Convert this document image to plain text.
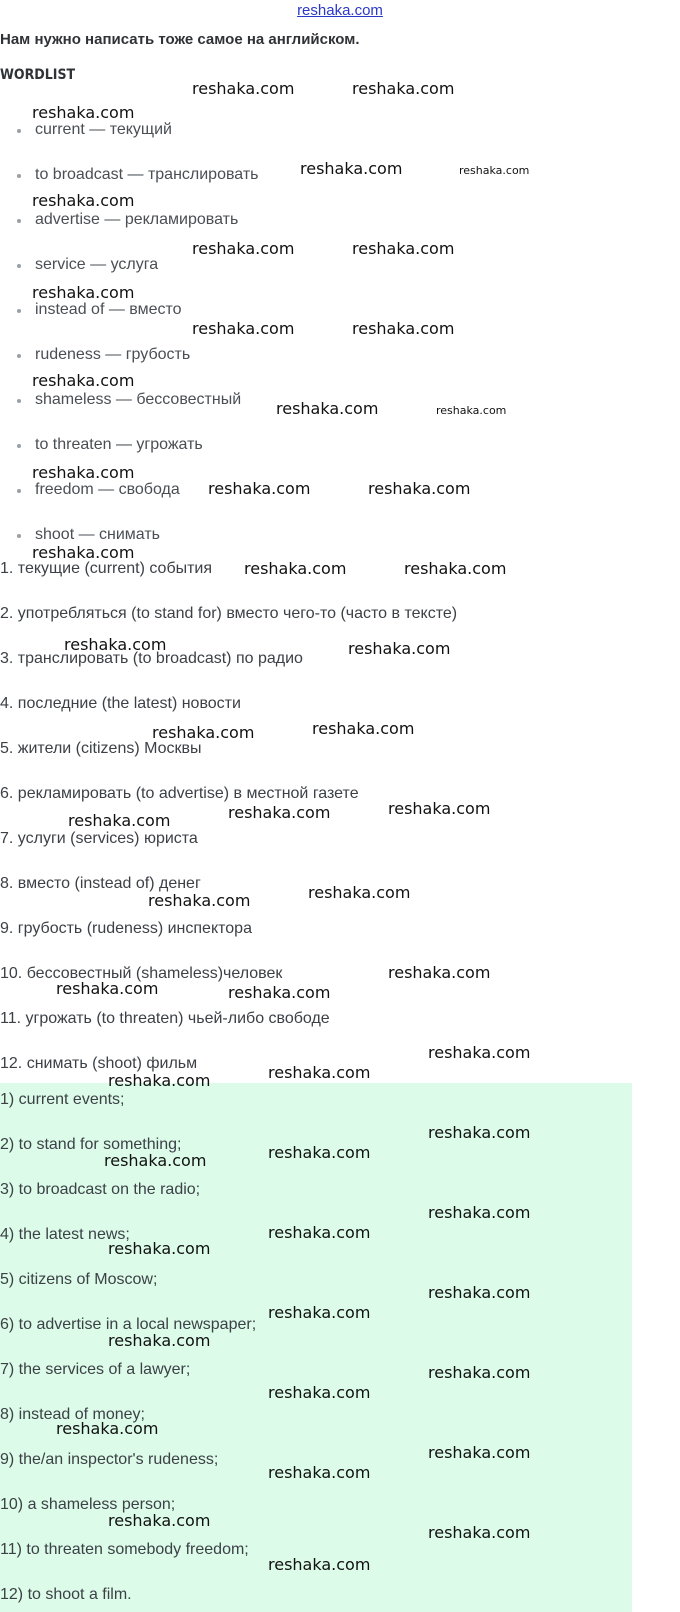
reshaka.com
Нам нужно написать тоже самое на английском.
WORDLIST
current — текущий
to broadcast — транслировать
advertise — рекламировать
service — услуга
instead of — вместо
rudeness — грубость
shameless — бессовестный
to threaten — угрожать
freedom — свобода
shoot — снимать

1. текущие (current) события

2. употребляться (to stand for) вместо чего-то (часто в тексте)

3. транслировать (to broadcast) по радио

4. последние (the latest) новости

5. жители (citizens) Москвы

6. рекламировать (to advertise) в местной газете

7. услуги (services) юриста

8. вместо (instead of) денег

9. грубость (rudeness) инспектора

10. бессовестный (shameless)человек

11. угрожать (to threaten) чьей-либо свободе

12. снимать (shoot) фильм

1) current events;

2) to stand for something;

3) to broadcast on the radio;

4) the latest news;

5) citizens of Moscow;

6) to advertise in a local newspaper;

7) the services of a lawyer;

8) instead of money;

9) the/an inspector's rudeness;

10) a shameless person;

11) to threaten somebody freedom;

12) to shoot a film.

reshaka.com	reshaka.com
reshaka.com
reshaka.com	reshaka.com
reshaka.com
reshaka.com	reshaka.com
reshaka.com
reshaka.com	reshaka.com
reshaka.com
reshaka.com	reshaka.com
reshaka.com
reshaka.com	reshaka.com
reshaka.com
reshaka.com	reshaka.com
reshaka.com	reshaka.com
reshaka.com	reshaka.com
reshaka.com	reshaka.com	reshaka.com
reshaka.com	reshaka.com
reshaka.com	reshaka.com
reshaka.com
reshaka.com
reshaka.com	reshaka.com
reshaka.com
reshaka.com	reshaka.com
reshaka.com
reshaka.com
reshaka.com
reshaka.com
reshaka.com
reshaka.com
reshaka.com
reshaka.com
reshaka.com
reshaka.com
reshaka.com
reshaka.com
reshaka.com
reshaka.com
